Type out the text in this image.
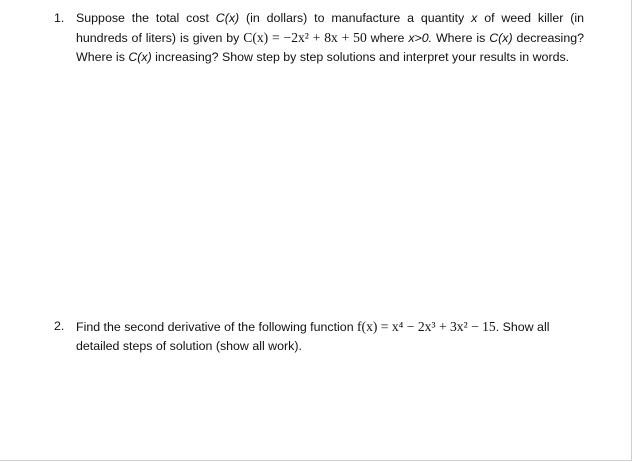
1. Suppose the total cost C(x) (in dollars) to manufacture a quantity x of weed killer (in hundreds of liters) is given by C(x) = −2x² + 8x + 50 where x>0. Where is C(x) decreasing? Where is C(x) increasing? Show step by step solutions and interpret your results in words.
2. Find the second derivative of the following function f(x) = x⁴ − 2x³ + 3x² − 15. Show all detailed steps of solution (show all work).
